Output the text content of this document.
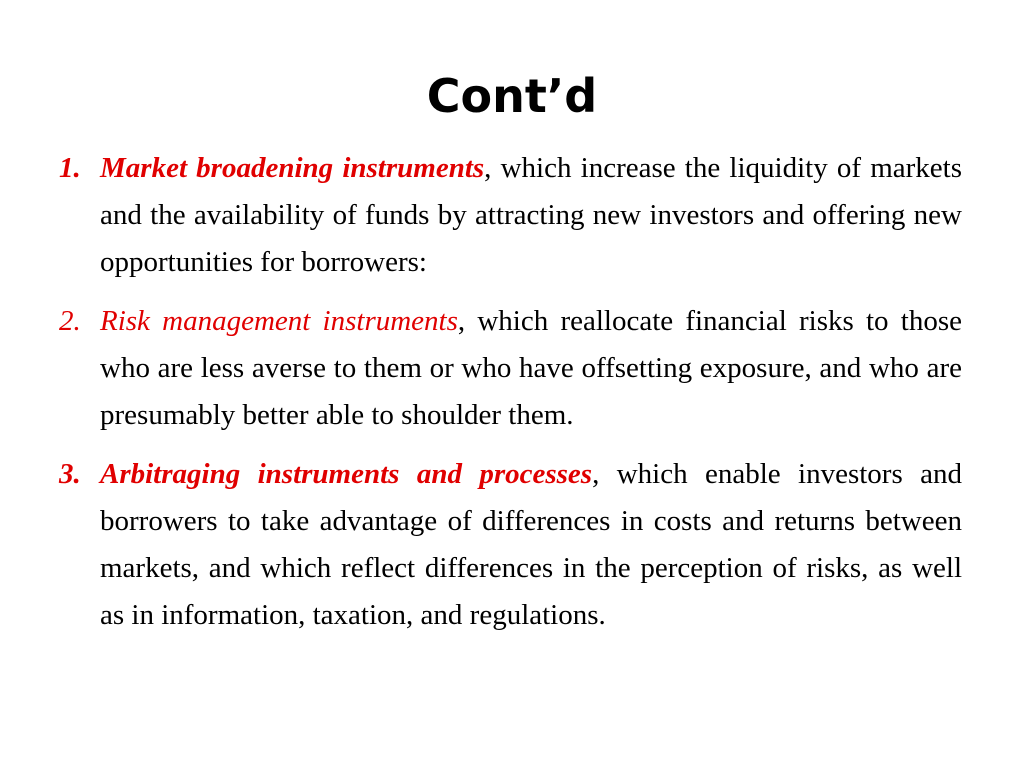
Cont’d
1. Market broadening instruments, which increase the liquidity of markets and the availability of funds by attracting new investors and offering new opportunities for borrowers:
2. Risk management instruments, which reallocate financial risks to those who are less averse to them or who have offsetting exposure, and who are presumably better able to shoulder them.
3. Arbitraging instruments and processes, which enable investors and borrowers to take advantage of differences in costs and returns between markets, and which reflect differences in the perception of risks, as well as in information, taxation, and regulations.
